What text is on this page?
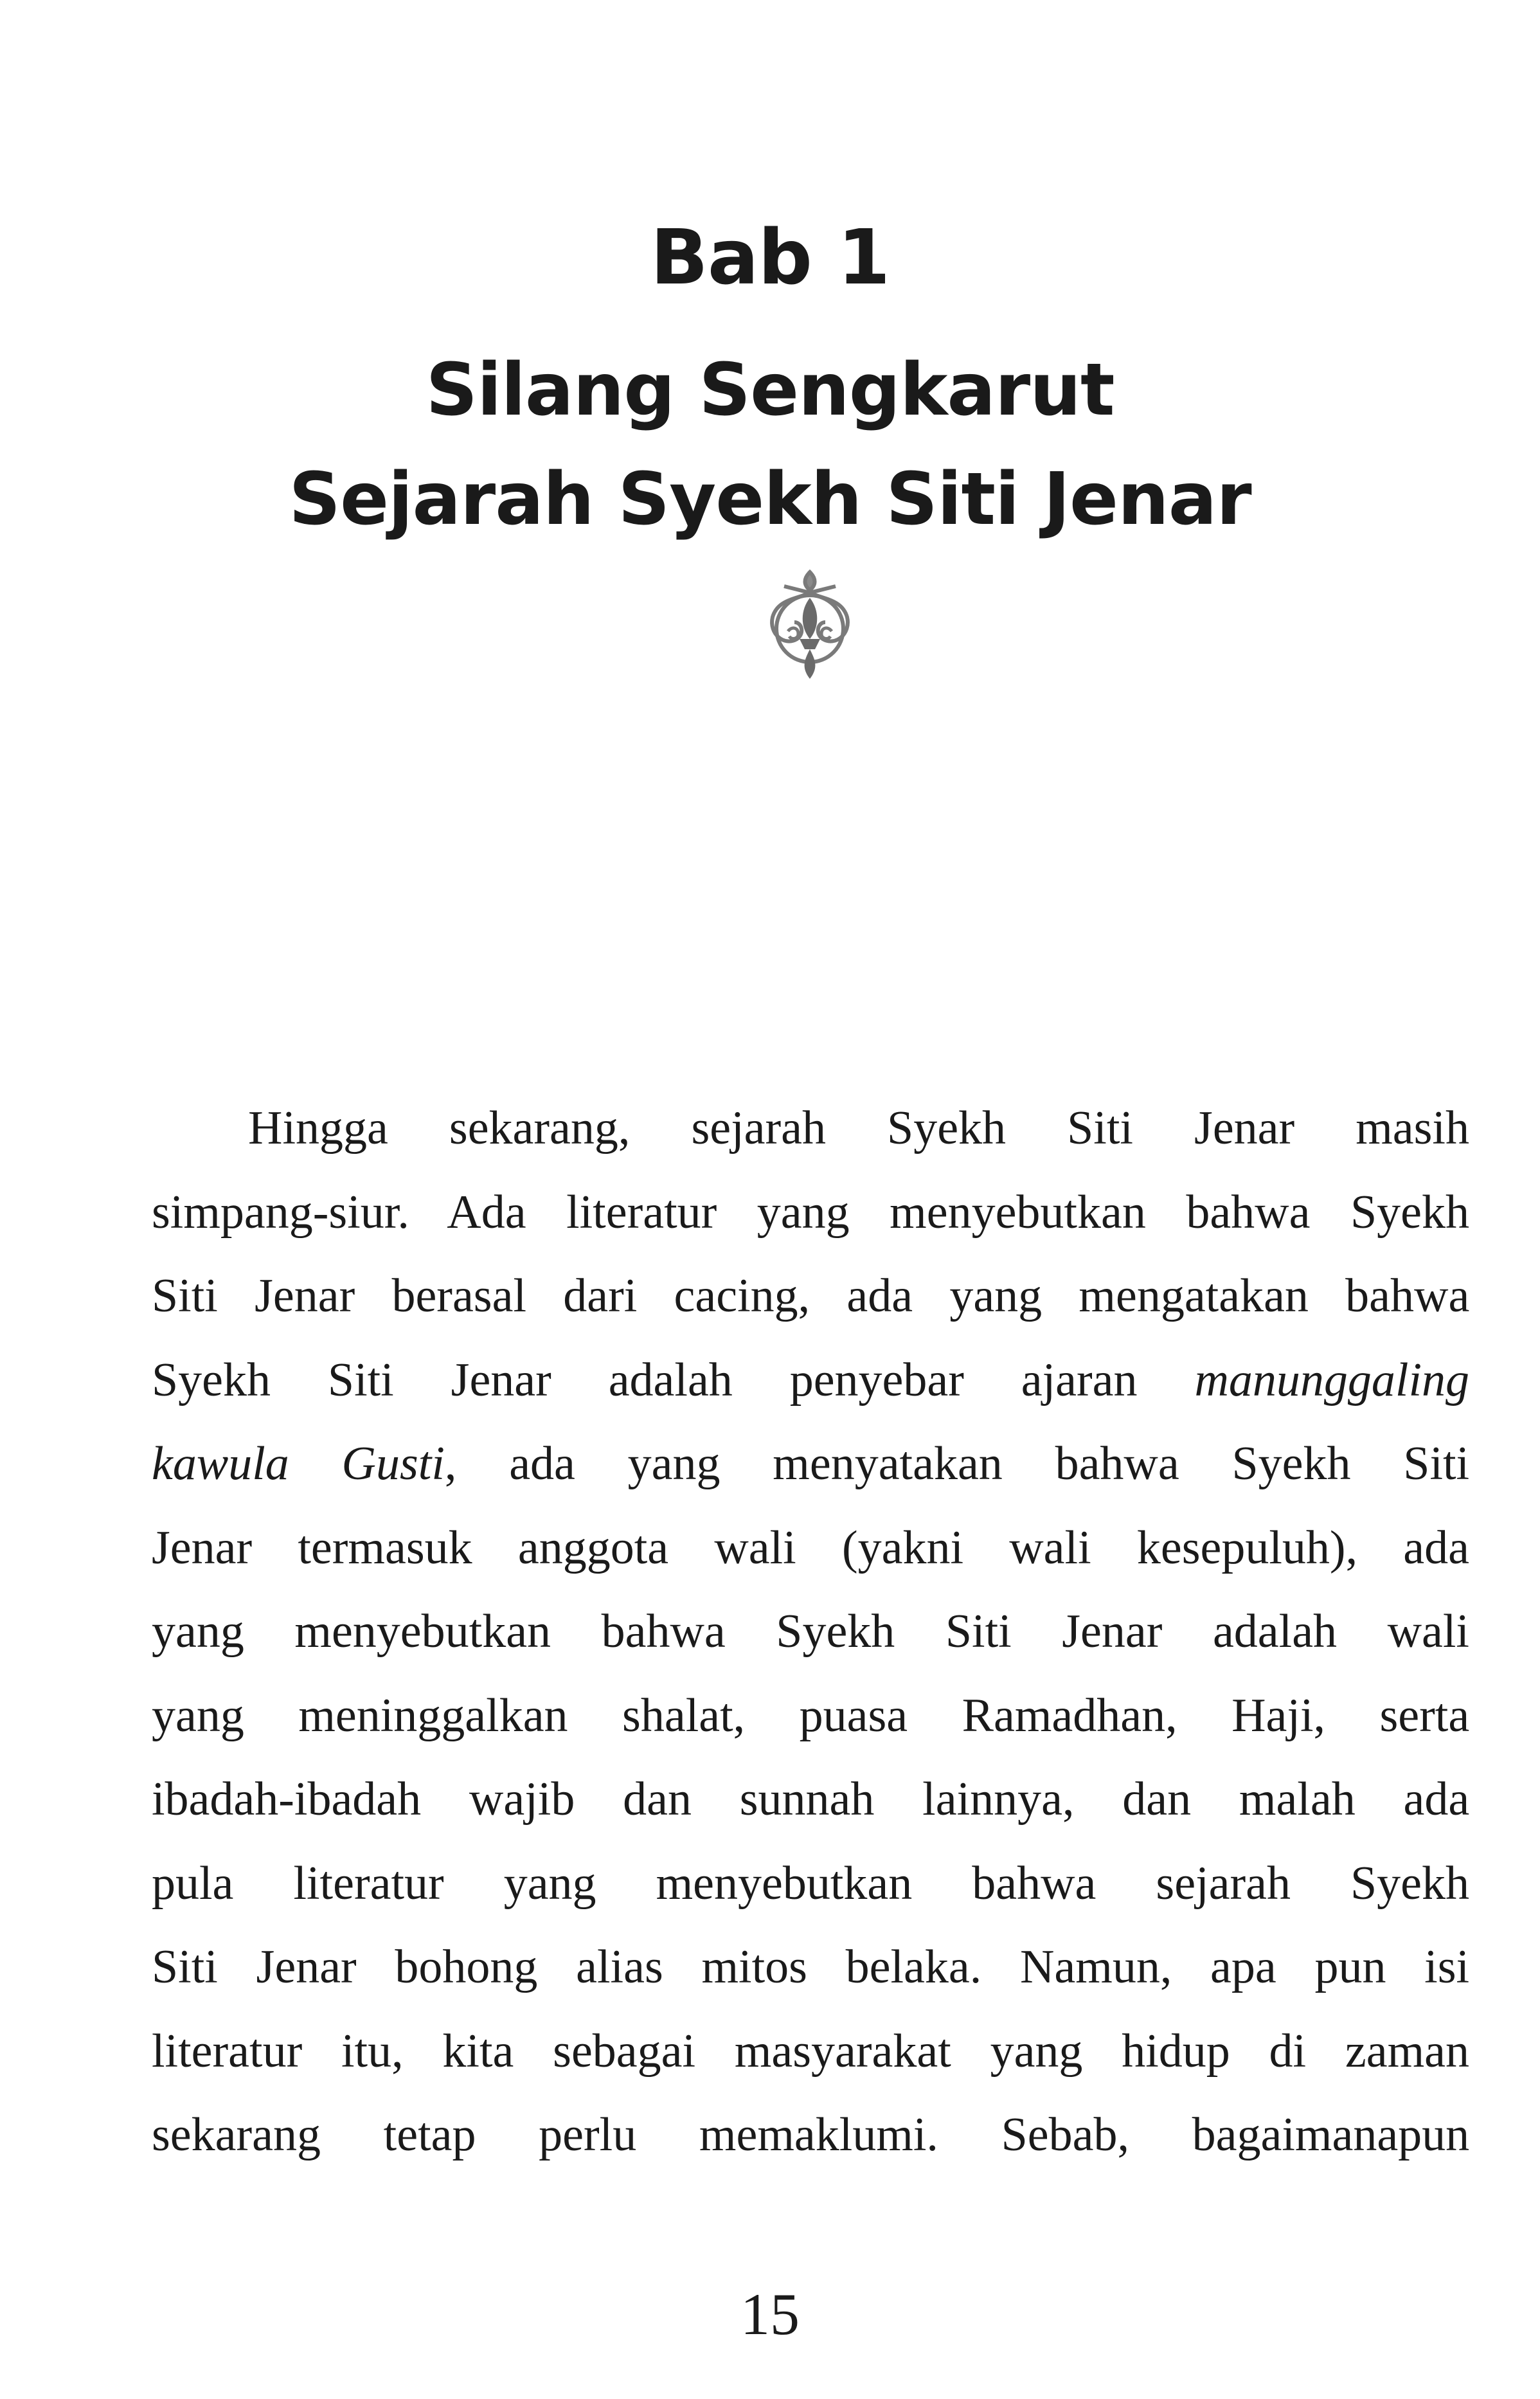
Bab 1
Silang Sengkarut
Sejarah Syekh Siti Jenar
Hingga sekarang, sejarah Syekh Siti Jenar masih
simpang-siur. Ada literatur yang menyebutkan bahwa Syekh
Siti Jenar berasal dari cacing, ada yang mengatakan bahwa
Syekh Siti Jenar adalah penyebar ajaran manunggaling
kawula Gusti, ada yang menyatakan bahwa Syekh Siti
Jenar termasuk anggota wali (yakni wali kesepuluh), ada
yang menyebutkan bahwa Syekh Siti Jenar adalah wali
yang meninggalkan shalat, puasa Ramadhan, Haji, serta
ibadah-ibadah wajib dan sunnah lainnya, dan malah ada
pula literatur yang menyebutkan bahwa sejarah Syekh
Siti Jenar bohong alias mitos belaka. Namun, apa pun isi
literatur itu, kita sebagai masyarakat yang hidup di zaman
sekarang tetap perlu memaklumi. Sebab, bagaimanapun
15
